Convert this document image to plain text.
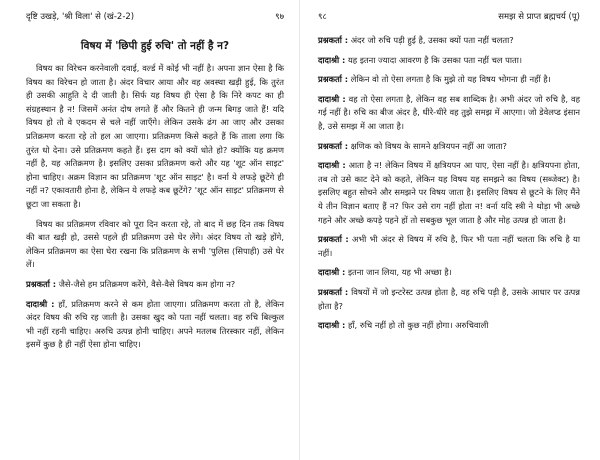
दृष्टि उखड़े, 'श्री विला' से (खं-2-2)	९७
विषय में 'छिपी हुई रुचि' तो नहीं है न?

विषय का विरेचन करनेवाली दवाई, वर्ल्ड में कोई भी नहीं है। अपना ज्ञान ऐसा है कि विषय का विरेचन हो जाता है। अंदर विचार आया और वह अवस्था खड़ी हुई, कि तुरंत ही उसकी आहुति दे दी जाती है। सिर्फ यह विषय ही ऐसा है कि निरे कपट का ही संग्रहस्थान है न! जिसमें अनंत दोष लगते हैं और कितने ही जन्म बिगड़ जाते हैं! यदि विषय हो तो वे एकदम से चले नहीं जाएँगे। लेकिन उसके ढंग आ जाए और उसका प्रतिक्रमण करता रहे तो हल आ जाएगा। प्रतिक्रमण किसे कहते हैं कि ताला लगा कि तुरंत धो देना। उसे प्रतिक्रमण कहते हैं। इस दाग को क्यों धोते हो? क्योंकि यह क्रमण नहीं है, यह अतिक्रमण है। इसलिए उसका प्रतिक्रमण करो और यह 'शूट ऑन साइट' होना चाहिए। अक्रम विज्ञान का प्रतिक्रमण 'शूट ऑन साइट' है। वर्ना ये लफड़े छूटेंगे ही नहीं न? एकावतारी होना है, लेकिन ये लफड़े कब छूटेंगे? 'शूट ऑन साइट' प्रतिक्रमण से छूटा जा सकता है।

विषय का प्रतिक्रमण रविवार को पूरा दिन करता रहे, तो बाद में छह दिन तक विषय की बात खड़ी हो, उससे पहले ही प्रतिक्रमण उसे घेर लेंगे। अंदर विषय तो खड़े होंगे, लेकिन प्रतिक्रमण का ऐसा घेरा रखना कि प्रतिक्रमण के सभी 'पुलिस (सिपाही) उसे घेर लें।

प्रश्नकर्ता : जैसे-जैसे हम प्रतिक्रमण करेंगे, वैसे-वैसे विषय कम होगा न?

दादाश्री : हाँ, प्रतिक्रमण करने से कम होता जाएगा। प्रतिक्रमण करता तो है, लेकिन अंदर विषय की रुचि रह जाती है। उसका खुद को पता नहीं चलता। वह रुचि बिल्कुल भी नहीं रहनी चाहिए। अरुचि उत्पन्न होनी चाहिए। अपने मतलब तिरस्कार नहीं, लेकिन इसमें कुछ है ही नहीं ऐसा होना चाहिए।

९८	समझ से प्राप्त ब्रह्मचर्य (पू)

प्रश्नकर्ता : अंदर जो रुचि पड़ी हुई है, उसका क्यों पता नहीं चलता?

दादाश्री : यह इतना ज्यादा आवरण है कि उसका पता नहीं चल पाता।

प्रश्नकर्ता : लेकिन वो तो ऐसा लगता है कि मुझे तो यह विषय भोगना ही नहीं है।

दादाश्री : वह तो ऐसा लगता है, लेकिन वह सब शाब्दिक है। अभी अंदर जो रुचि है, वह गई नहीं है। रुचि का बीज अंदर है, धीरे-धीरे वह तुझे समझ में आएगा। जो डेवेलप्ड इंसान है, उसे समझ में आ जाता है।

प्रश्नकर्ता : क्षणिक को विषय के सामने क्षत्रियपन नहीं आ जाता?

दादाश्री : आता है न! लेकिन विषय में क्षत्रियपन आ पाए, ऐसा नहीं है। क्षत्रियपना होता, तब तो उसे काट देने को कहते, लेकिन यह विषय यह समझने का विषय (सब्जेक्ट) है। इसलिए बहुत सोचने और समझने पर विषय जाता है। इसलिए विषय से छूटने के लिए मैंने ये तीन विज्ञान बताए हैं न? फिर उसे राग नहीं होता न! वर्ना यदि स्त्री ने थोड़ा भी अच्छे गहने और अच्छे कपड़े पहने हों तो सबकुछ भूल जाता है और मोह उत्पन्न हो जाता है।

प्रश्नकर्ता : अभी भी अंदर से विषय में रुचि है, फिर भी पता नहीं चलता कि रुचि है या नहीं।

दादाश्री : इतना जान लिया, यह भी अच्छा है।

प्रश्नकर्ता : विषयों में जो इन्टरेस्ट उत्पन्न होता है, वह रुचि पड़ी है, उसके आधार पर उत्पन्न होता है?

दादाश्री : हाँ, रुचि नहीं हो तो कुछ नहीं होगा। अरुचिवाली
